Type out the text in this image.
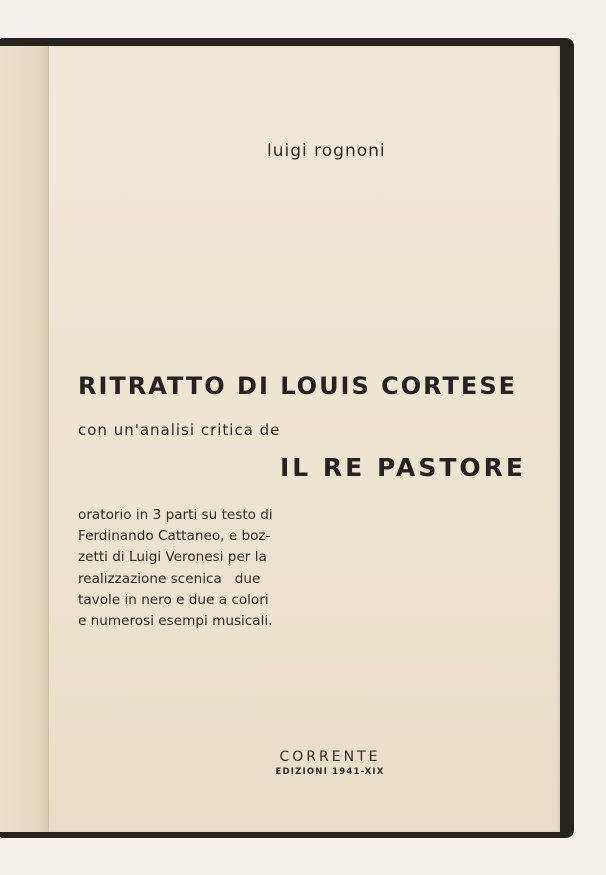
luigi rognoni
RITRATTO DI LOUIS CORTESE
con un'analisi critica de
IL RE PASTORE
oratorio in 3 parti su testo di
Ferdinando Cattaneo, e boz-
zetti di Luigi Veronesi per la
realizzazione scenica   due
tavole in nero e due a colori
e numerosi esempi musicali.
CORRENTE
EDIZIONI 1941-XIX
